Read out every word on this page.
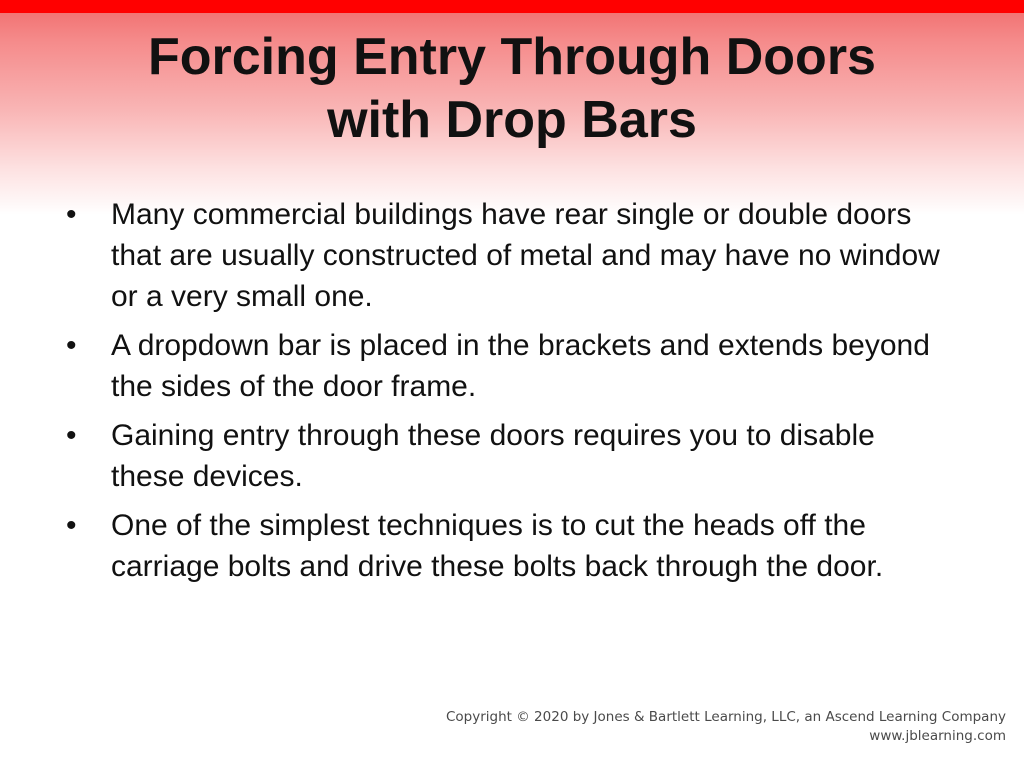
Forcing Entry Through Doors
with Drop Bars
•	Many commercial buildings have rear single or double doors that are usually constructed of metal and may have no window or a very small one.
•	A dropdown bar is placed in the brackets and extends beyond the sides of the door frame.
•	Gaining entry through these doors requires you to disable these devices.
•	One of the simplest techniques is to cut the heads off the carriage bolts and drive these bolts back through the door.
Copyright © 2020 by Jones & Bartlett Learning, LLC, an Ascend Learning Company
www.jblearning.com
